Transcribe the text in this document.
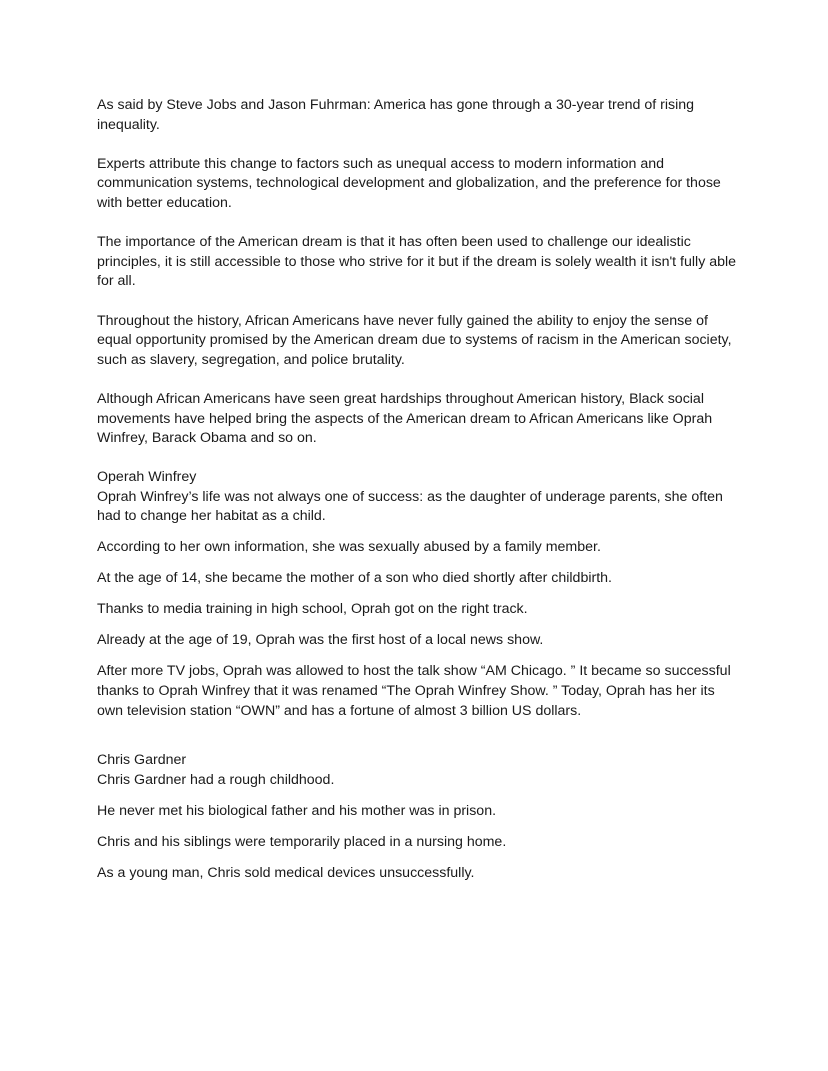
As said by Steve Jobs and Jason Fuhrman: America has gone through a 30-year trend of rising inequality.

Experts attribute this change to factors such as unequal access to modern information and communication systems, technological development and globalization, and the preference for those with better education.

The importance of the American dream is that it has often been used to challenge our idealistic principles, it is still accessible to those who strive for it but if the dream is solely wealth it isn't fully able for all.

Throughout the history, African Americans have never fully gained the ability to enjoy the sense of equal opportunity promised by the American dream due to systems of racism in the American society, such as slavery, segregation, and police brutality.

Although African Americans have seen great hardships throughout American history, Black social movements have helped bring the aspects of the American dream to African Americans like Oprah Winfrey, Barack Obama and so on.

Operah Winfrey

Oprah Winfrey’s life was not always one of success: as the daughter of underage parents, she often had to change her habitat as a child.

According to her own information, she was sexually abused by a family member.

At the age of 14, she became the mother of a son who died shortly after childbirth.

Thanks to media training in high school, Oprah got on the right track.

Already at the age of 19, Oprah was the first host of a local news show.

After more TV jobs, Oprah was allowed to host the talk show “AM Chicago. ” It became so successful thanks to Oprah Winfrey that it was renamed “The Oprah Winfrey Show. ” Today, Oprah has her its own television station “OWN” and has a fortune of almost 3 billion US dollars.

Chris Gardner

Chris Gardner had a rough childhood.

He never met his biological father and his mother was in prison.

Chris and his siblings were temporarily placed in a nursing home.

As a young man, Chris sold medical devices unsuccessfully.
